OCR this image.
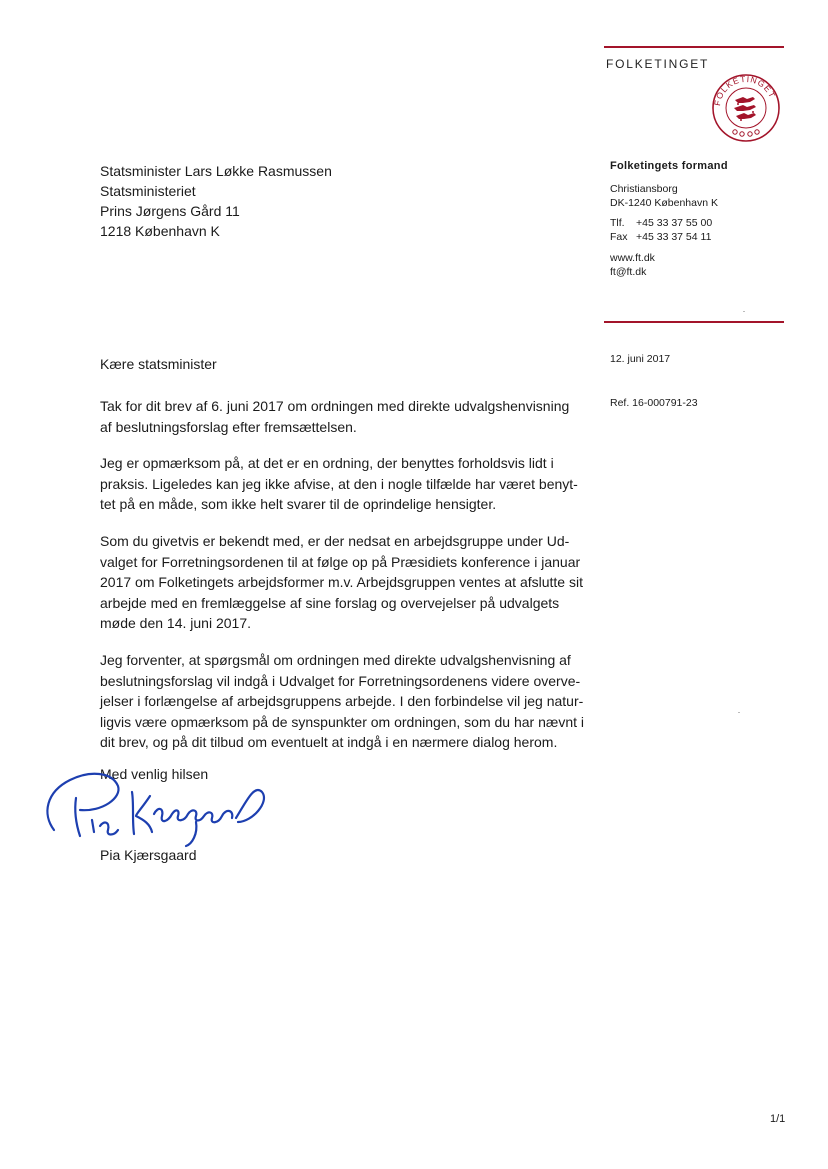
FOLKETINGET
FOLKETINGET
Folketingets formand
Christiansborg
DK-1240 København K
Tlf. +45 33 37 55 00
Fax +45 33 37 54 11
www.ft.dk
ft@ft.dk
12. juni 2017
Ref. 16-000791-23
Statsminister Lars Løkke Rasmussen
Statsministeriet
Prins Jørgens Gård 11
1218 København K
Kære statsminister
Tak for dit brev af 6. juni 2017 om ordningen med direkte udvalgshenvisning
af beslutningsforslag efter fremsættelsen.
Jeg er opmærksom på, at det er en ordning, der benyttes forholdsvis lidt i
praksis. Ligeledes kan jeg ikke afvise, at den i nogle tilfælde har været benyt-
tet på en måde, som ikke helt svarer til de oprindelige hensigter.
Som du givetvis er bekendt med, er der nedsat en arbejdsgruppe under Ud-
valget for Forretningsordenen til at følge op på Præsidiets konference i januar
2017 om Folketingets arbejdsformer m.v. Arbejdsgruppen ventes at afslutte sit
arbejde med en fremlæggelse af sine forslag og overvejelser på udvalgets
møde den 14. juni 2017.
Jeg forventer, at spørgsmål om ordningen med direkte udvalgshenvisning af
beslutningsforslag vil indgå i Udvalget for Forretningsordenens videre overve-
jelser i forlængelse af arbejdsgruppens arbejde. I den forbindelse vil jeg natur-
ligvis være opmærksom på de synspunkter om ordningen, som du har nævnt i
dit brev, og på dit tilbud om eventuelt at indgå i en nærmere dialog herom.
Med venlig hilsen
Pia Kjærsgaard
1/1
